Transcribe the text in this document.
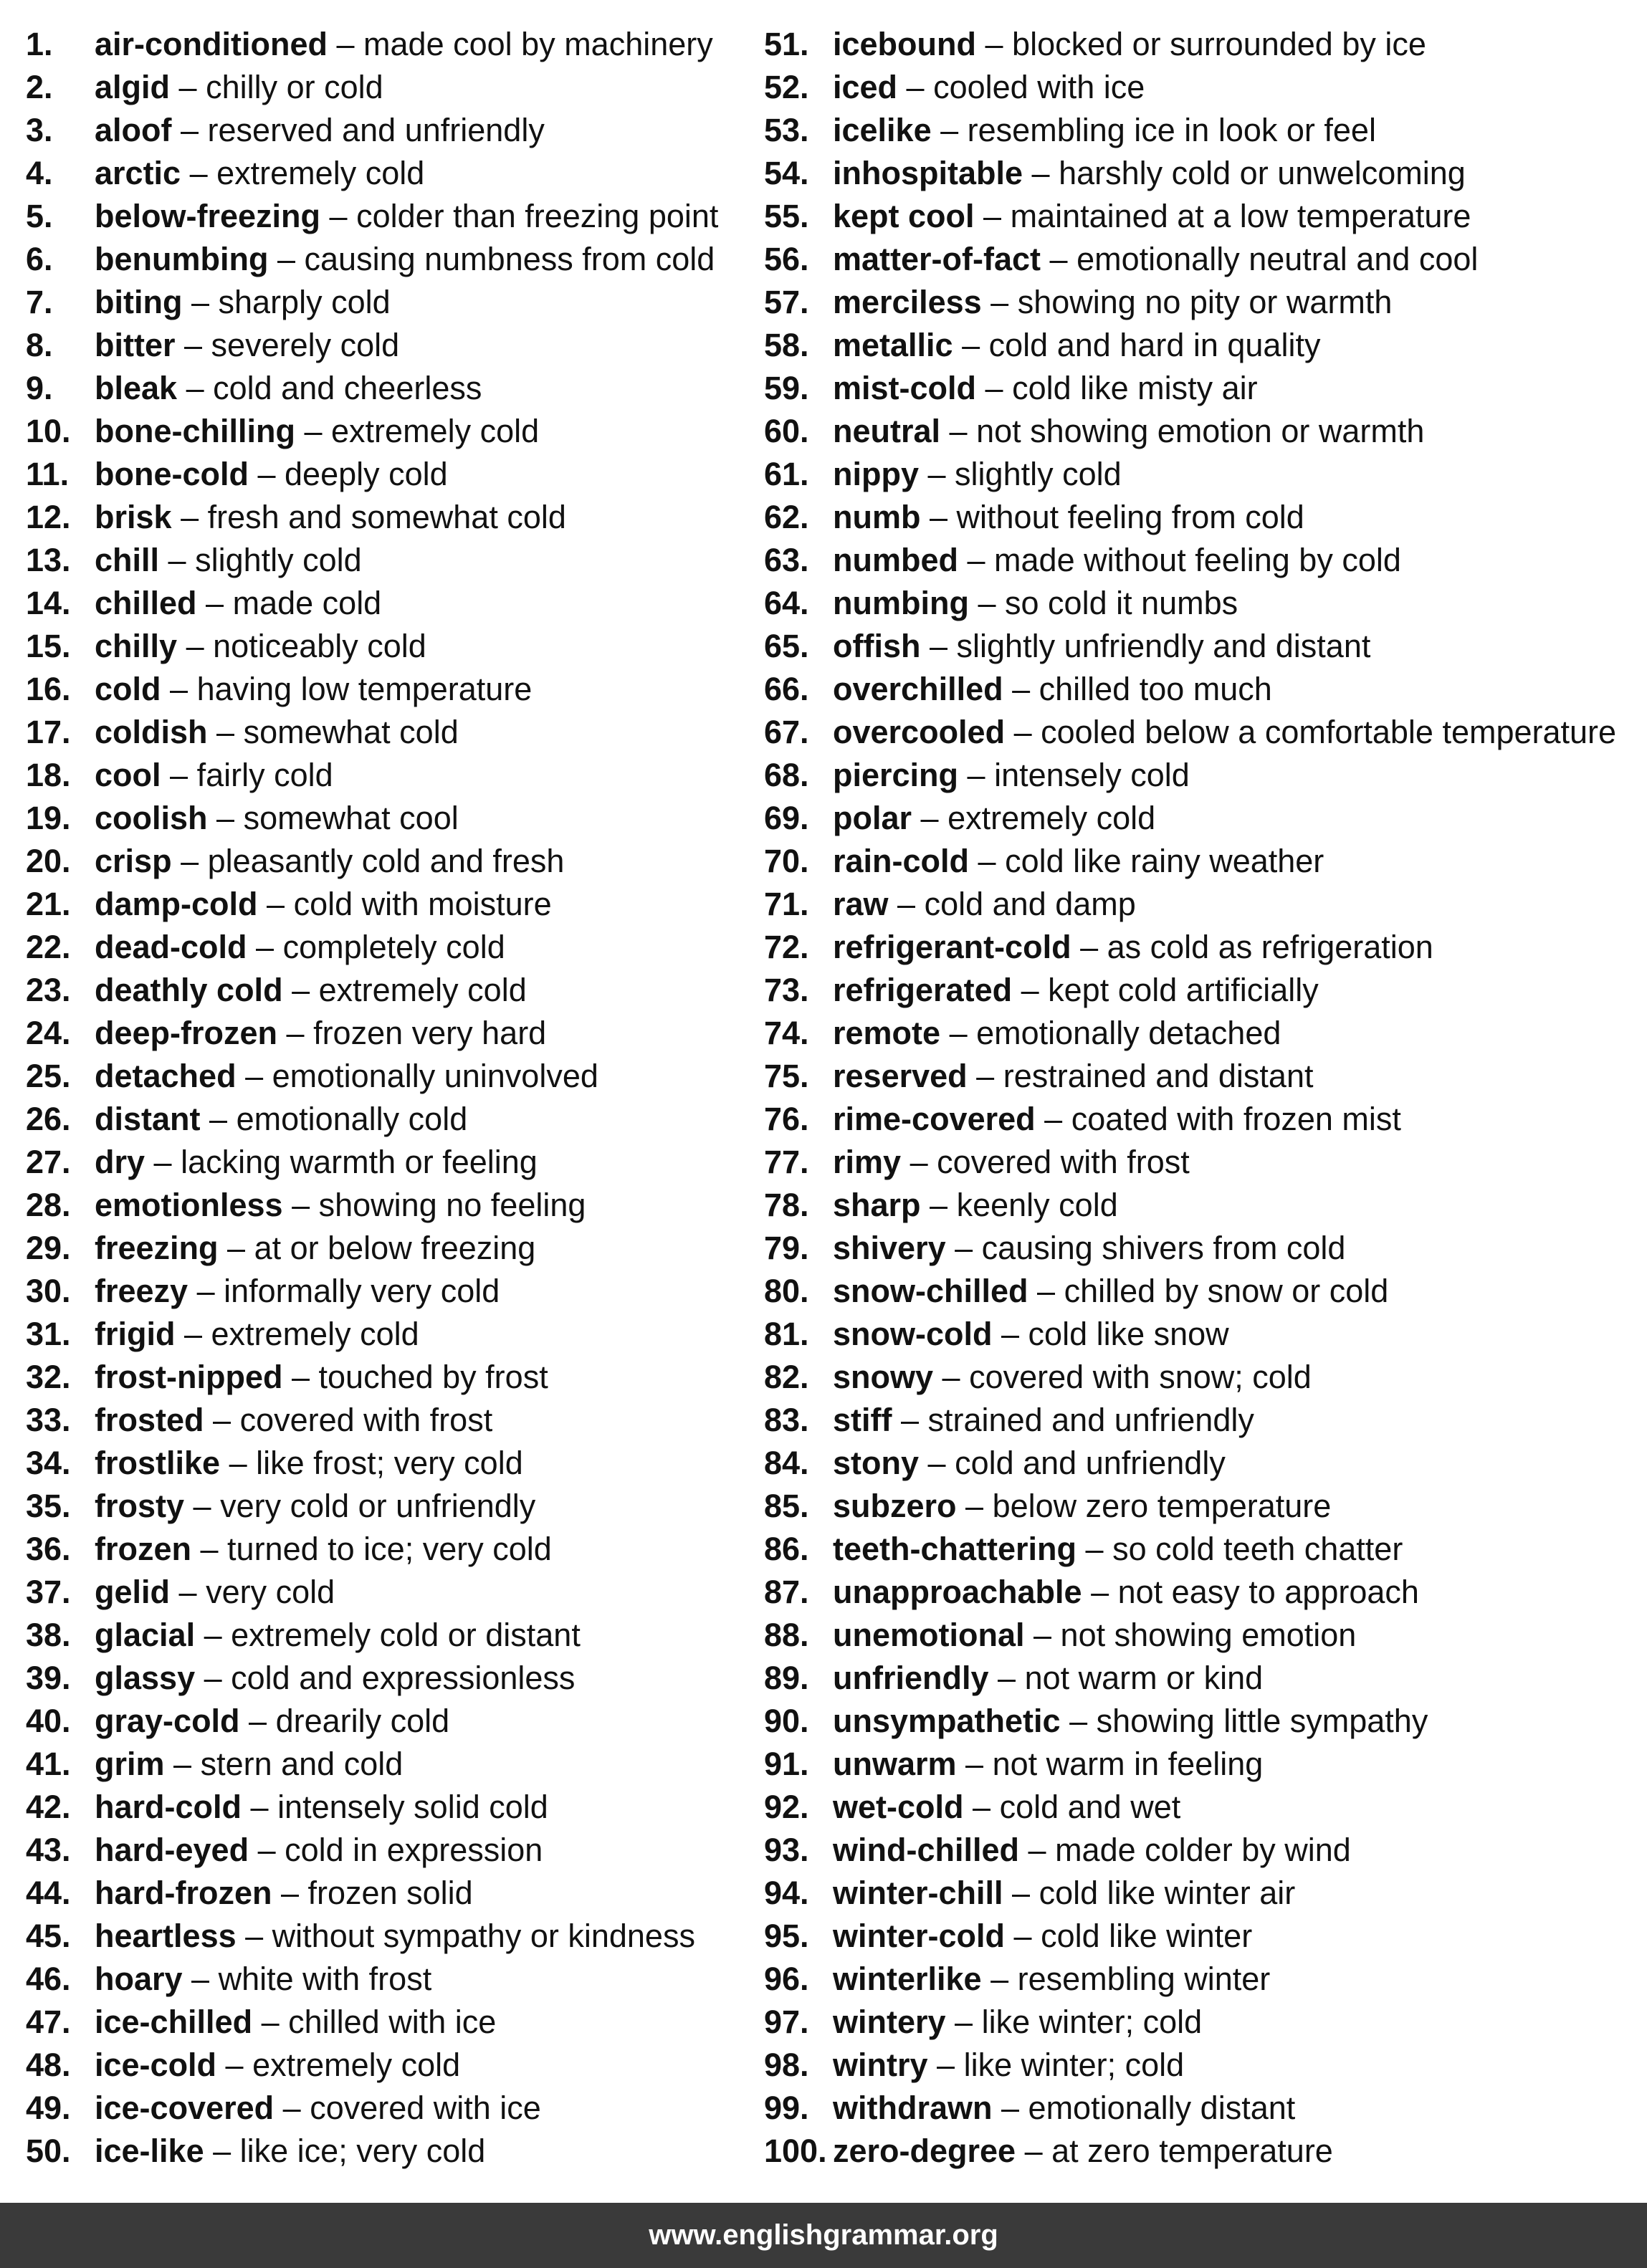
1. air-conditioned – made cool by machinery
2. algid – chilly or cold
3. aloof – reserved and unfriendly
4. arctic – extremely cold
5. below-freezing – colder than freezing point
6. benumbing – causing numbness from cold
7. biting – sharply cold
8. bitter – severely cold
9. bleak – cold and cheerless
10. bone-chilling – extremely cold
11. bone-cold – deeply cold
12. brisk – fresh and somewhat cold
13. chill – slightly cold
14. chilled – made cold
15. chilly – noticeably cold
16. cold – having low temperature
17. coldish – somewhat cold
18. cool – fairly cold
19. coolish – somewhat cool
20. crisp – pleasantly cold and fresh
21. damp-cold – cold with moisture
22. dead-cold – completely cold
23. deathly cold – extremely cold
24. deep-frozen – frozen very hard
25. detached – emotionally uninvolved
26. distant – emotionally cold
27. dry – lacking warmth or feeling
28. emotionless – showing no feeling
29. freezing – at or below freezing
30. freezy – informally very cold
31. frigid – extremely cold
32. frost-nipped – touched by frost
33. frosted – covered with frost
34. frostlike – like frost; very cold
35. frosty – very cold or unfriendly
36. frozen – turned to ice; very cold
37. gelid – very cold
38. glacial – extremely cold or distant
39. glassy – cold and expressionless
40. gray-cold – drearily cold
41. grim – stern and cold
42. hard-cold – intensely solid cold
43. hard-eyed – cold in expression
44. hard-frozen – frozen solid
45. heartless – without sympathy or kindness
46. hoary – white with frost
47. ice-chilled – chilled with ice
48. ice-cold – extremely cold
49. ice-covered – covered with ice
50. ice-like – like ice; very cold
51. icebound – blocked or surrounded by ice
52. iced – cooled with ice
53. icelike – resembling ice in look or feel
54. inhospitable – harshly cold or unwelcoming
55. kept cool – maintained at a low temperature
56. matter-of-fact – emotionally neutral and cool
57. merciless – showing no pity or warmth
58. metallic – cold and hard in quality
59. mist-cold – cold like misty air
60. neutral – not showing emotion or warmth
61. nippy – slightly cold
62. numb – without feeling from cold
63. numbed – made without feeling by cold
64. numbing – so cold it numbs
65. offish – slightly unfriendly and distant
66. overchilled – chilled too much
67. overcooled – cooled below a comfortable temperature
68. piercing – intensely cold
69. polar – extremely cold
70. rain-cold – cold like rainy weather
71. raw – cold and damp
72. refrigerant-cold – as cold as refrigeration
73. refrigerated – kept cold artificially
74. remote – emotionally detached
75. reserved – restrained and distant
76. rime-covered – coated with frozen mist
77. rimy – covered with frost
78. sharp – keenly cold
79. shivery – causing shivers from cold
80. snow-chilled – chilled by snow or cold
81. snow-cold – cold like snow
82. snowy – covered with snow; cold
83. stiff – strained and unfriendly
84. stony – cold and unfriendly
85. subzero – below zero temperature
86. teeth-chattering – so cold teeth chatter
87. unapproachable – not easy to approach
88. unemotional – not showing emotion
89. unfriendly – not warm or kind
90. unsympathetic – showing little sympathy
91. unwarm – not warm in feeling
92. wet-cold – cold and wet
93. wind-chilled – made colder by wind
94. winter-chill – cold like winter air
95. winter-cold – cold like winter
96. winterlike – resembling winter
97. wintery – like winter; cold
98. wintry – like winter; cold
99. withdrawn – emotionally distant
100. zero-degree – at zero temperature
www.englishgrammar.org
